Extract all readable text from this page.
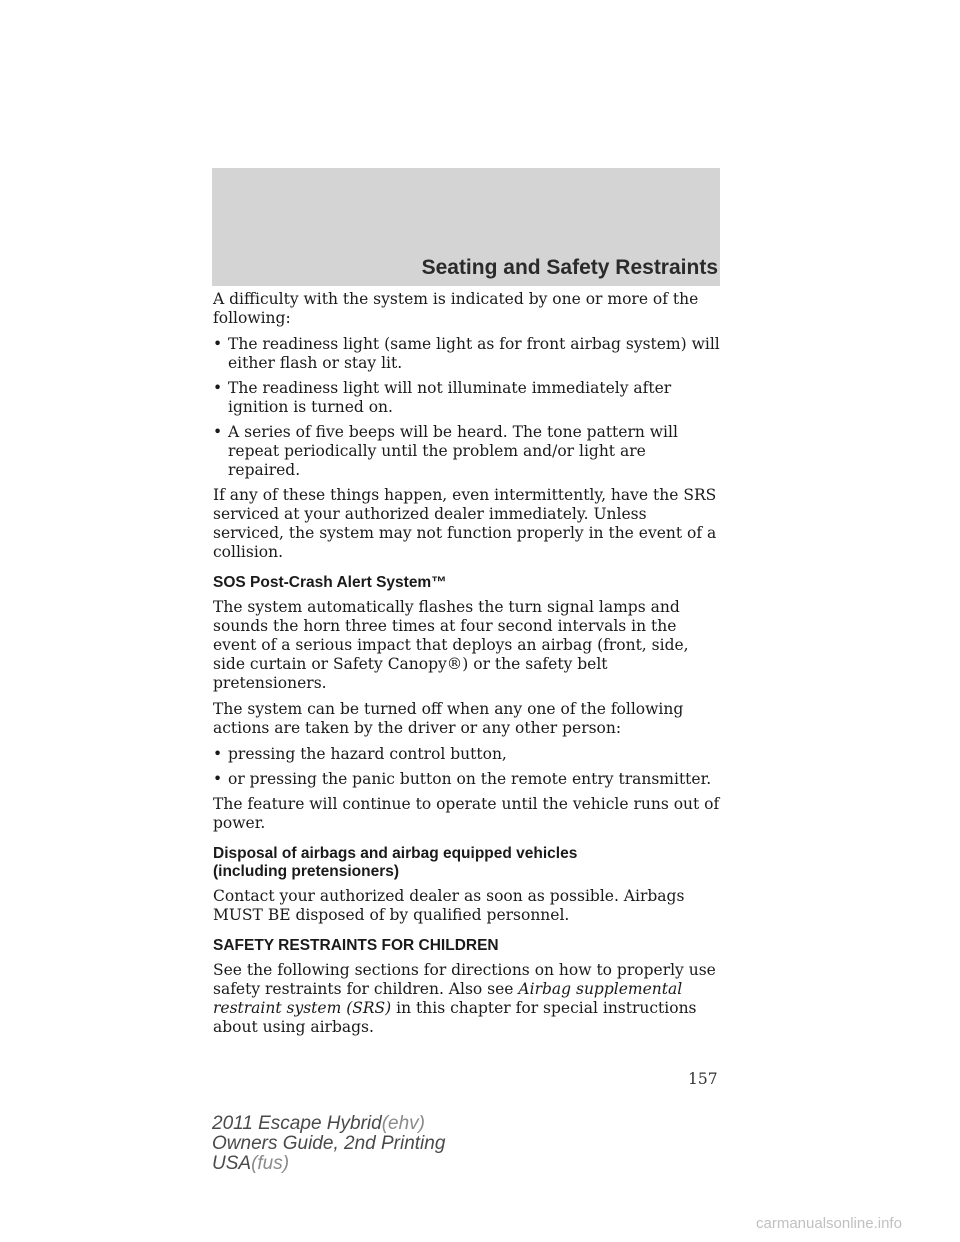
Seating and Safety Restraints

A difficulty with the system is indicated by one or more of the following:

• The readiness light (same light as for front airbag system) will either flash or stay lit.
• The readiness light will not illuminate immediately after ignition is turned on.
• A series of five beeps will be heard. The tone pattern will repeat periodically until the problem and/or light are repaired.

If any of these things happen, even intermittently, have the SRS serviced at your authorized dealer immediately. Unless serviced, the system may not function properly in the event of a collision.

SOS Post-Crash Alert System™

The system automatically flashes the turn signal lamps and sounds the horn three times at four second intervals in the event of a serious impact that deploys an airbag (front, side, side curtain or Safety Canopy®) or the safety belt pretensioners.

The system can be turned off when any one of the following actions are taken by the driver or any other person:

• pressing the hazard control button,
• or pressing the panic button on the remote entry transmitter.

The feature will continue to operate until the vehicle runs out of power.

Disposal of airbags and airbag equipped vehicles
(including pretensioners)

Contact your authorized dealer as soon as possible. Airbags MUST BE disposed of by qualified personnel.

SAFETY RESTRAINTS FOR CHILDREN

See the following sections for directions on how to properly use safety restraints for children. Also see Airbag supplemental restraint system (SRS) in this chapter for special instructions about using airbags.

157
2011 Escape Hybrid(ehv)
Owners Guide, 2nd Printing
USA(fus)
carmanualsonline.info
